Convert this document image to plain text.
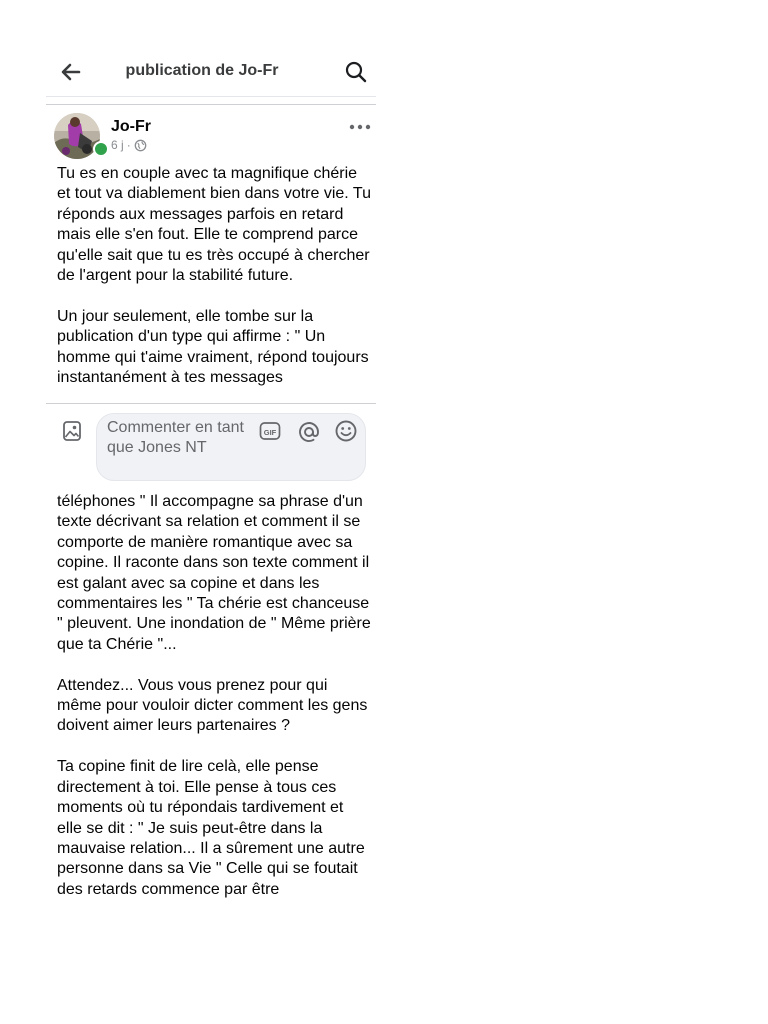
publication de Jo-Fr
Jo-Fr
6 j ·

Tu es en couple avec ta magnifique chérie et tout va diablement bien dans votre vie. Tu réponds aux messages parfois en retard mais elle s'en fout. Elle te comprend parce qu'elle sait que tu es très occupé à chercher de l'argent pour la stabilité future.

Un jour seulement, elle tombe sur la publication d'un type qui affirme : " Un homme qui t'aime vraiment, répond toujours instantanément à tes messages

téléphones " Il accompagne sa phrase d'un texte décrivant sa relation et comment il se comporte de manière romantique avec sa copine. Il raconte dans son texte comment il est galant avec sa copine et dans les commentaires les " Ta chérie est chanceuse " pleuvent. Une inondation de " Même prière que ta Chérie "...

Attendez... Vous vous prenez pour qui même pour vouloir dicter comment les gens doivent aimer leurs partenaires ?

Ta copine finit de lire celà, elle pense directement à toi. Elle pense à tous ces moments où tu répondais tardivement et elle se dit : " Je suis peut-être dans la mauvaise relation... Il a sûrement une autre personne dans sa Vie " Celle qui se foutait des retards commence par être

Commenter en tant que Jones NT
GIF
